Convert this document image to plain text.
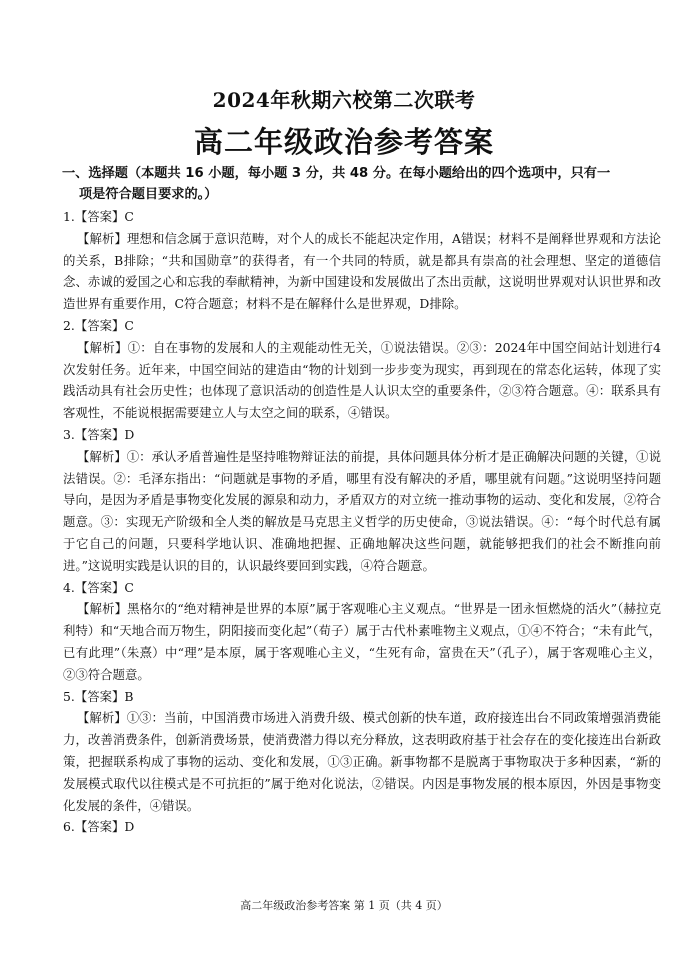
2024年秋期六校第二次联考
高二年级政治参考答案
一、选择题（本题共 16 小题，每小题 3 分，共 48 分。在每小题给出的四个选项中，只有一
项是符合题目要求的。）

1.【答案】C

【解析】理想和信念属于意识范畴，对个人的成长不能起决定作用，A错误；材料不是阐释世界观和方法论的关系，B排除；“共和国勋章”的获得者，有一个共同的特质，就是都具有崇高的社会理想、坚定的道德信念、赤诚的爱国之心和忘我的奉献精神，为新中国建设和发展做出了杰出贡献，这说明世界观对认识世界和改造世界有重要作用，C符合题意；材料不是在解释什么是世界观，D排除。

2.【答案】C

【解析】①：自在事物的发展和人的主观能动性无关，①说法错误。②③：2024年中国空间站计划进行4次发射任务。近年来，中国空间站的建造由“物的计划到一步步变为现实，再到现在的常态化运转，体现了实践活动具有社会历史性；也体现了意识活动的创造性是人认识太空的重要条件，②③符合题意。④：联系具有客观性，不能说根据需要建立人与太空之间的联系，④错误。

3.【答案】D

【解析】①：承认矛盾普遍性是坚持唯物辩证法的前提，具体问题具体分析才是正确解决问题的关键，①说法错误。②：毛泽东指出：“问题就是事物的矛盾，哪里有没有解决的矛盾，哪里就有问题。”这说明坚持问题导向，是因为矛盾是事物变化发展的源泉和动力，矛盾双方的对立统一推动事物的运动、变化和发展，②符合题意。③：实现无产阶级和全人类的解放是马克思主义哲学的历史使命，③说法错误。④：“每个时代总有属于它自己的问题，只要科学地认识、准确地把握、正确地解决这些问题，就能够把我们的社会不断推向前进。”这说明实践是认识的目的，认识最终要回到实践，④符合题意。

4.【答案】C

【解析】黑格尔的“绝对精神是世界的本原”属于客观唯心主义观点。“世界是一团永恒燃烧的活火”（赫拉克利特）和“天地合而万物生，阴阳接而变化起”（荀子）属于古代朴素唯物主义观点，①④不符合；“未有此气，已有此理”（朱熹）中“理”是本原，属于客观唯心主义，“生死有命，富贵在天”（孔子），属于客观唯心主义，②③符合题意。

5.【答案】B

【解析】①③：当前，中国消费市场进入消费升级、模式创新的快车道，政府接连出台不同政策增强消费能力，改善消费条件，创新消费场景，使消费潜力得以充分释放，这表明政府基于社会存在的变化接连出台新政策，把握联系构成了事物的运动、变化和发展，①③正确。新事物都不是脱离于事物取决于多种因素，“新的发展模式取代以往模式是不可抗拒的”属于绝对化说法，②错误。内因是事物发展的根本原因，外因是事物变化发展的条件，④错误。

6.【答案】D

高二年级政治参考答案 第 1 页（共 4 页）
